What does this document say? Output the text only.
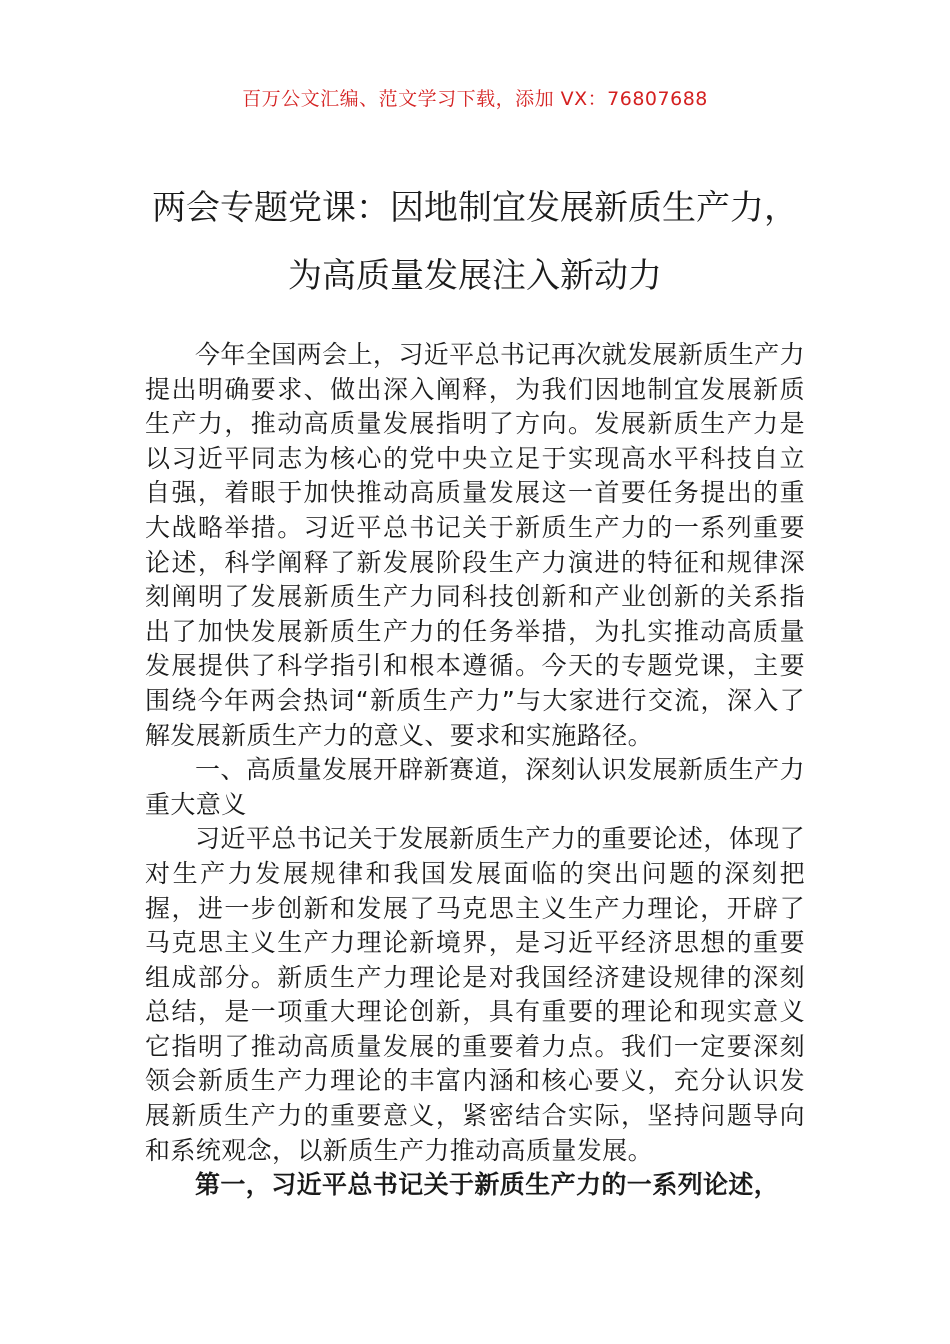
百万公文汇编、范文学习下载，添加 VX：76807688
两会专题党课：因地制宜发展新质生产力，
为高质量发展注入新动力

今年全国两会上，习近平总书记再次就发展新质生产力提出明确要求、做出深入阐释，为我们因地制宜发展新质生产力，推动高质量发展指明了方向。发展新质生产力是以习近平同志为核心的党中央立足于实现高水平科技自立自强，着眼于加快推动高质量发展这一首要任务提出的重大战略举措。习近平总书记关于新质生产力的一系列重要论述，科学阐释了新发展阶段生产力演进的特征和规律深刻阐明了发展新质生产力同科技创新和产业创新的关系指出了加快发展新质生产力的任务举措，为扎实推动高质量发展提供了科学指引和根本遵循。今天的专题党课，主要围绕今年两会热词“新质生产力”与大家进行交流，深入了解发展新质生产力的意义、要求和实施路径。

一、高质量发展开辟新赛道，深刻认识发展新质生产力重大意义

习近平总书记关于发展新质生产力的重要论述，体现了对生产力发展规律和我国发展面临的突出问题的深刻把握，进一步创新和发展了马克思主义生产力理论，开辟了马克思主义生产力理论新境界，是习近平经济思想的重要组成部分。新质生产力理论是对我国经济建设规律的深刻总结，是一项重大理论创新，具有重要的理论和现实意义它指明了推动高质量发展的重要着力点。我们一定要深刻领会新质生产力理论的丰富内涵和核心要义，充分认识发展新质生产力的重要意义，紧密结合实际，坚持问题导向和系统观念，以新质生产力推动高质量发展。

第一，习近平总书记关于新质生产力的一系列论述，
